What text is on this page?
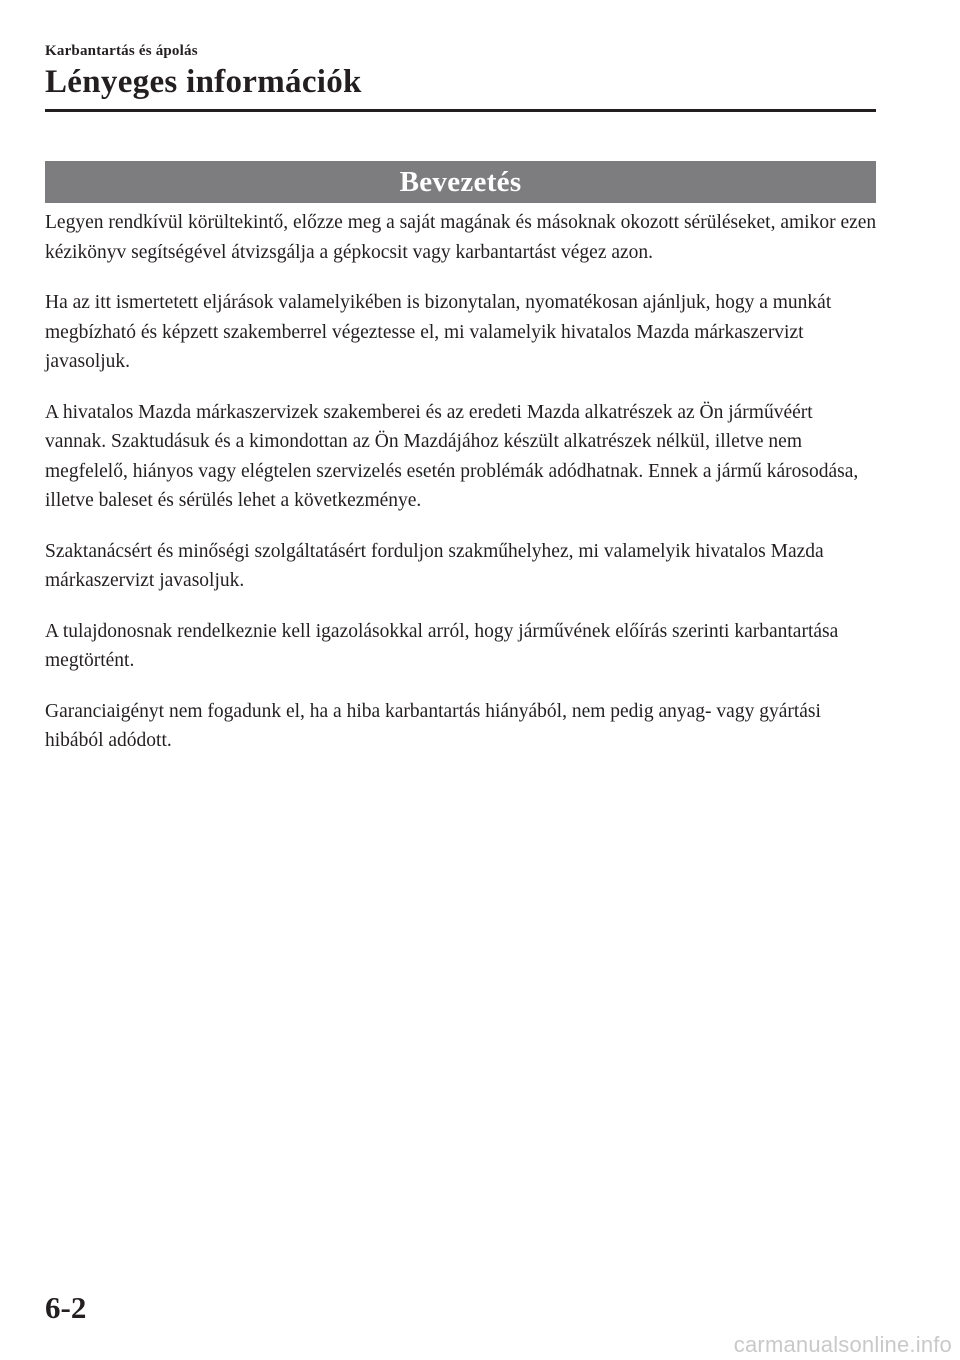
Karbantartás és ápolás
Lényeges információk
Bevezetés

Legyen rendkívül körültekintő, előzze meg a saját magának és másoknak okozott sérüléseket, amikor ezen kézikönyv segítségével átvizsgálja a gépkocsit vagy karbantartást végez azon.

Ha az itt ismertetett eljárások valamelyikében is bizonytalan, nyomatékosan ajánljuk, hogy a munkát megbízható és képzett szakemberrel végeztesse el, mi valamelyik hivatalos Mazda márkaszervizt javasoljuk.

A hivatalos Mazda márkaszervizek szakemberei és az eredeti Mazda alkatrészek az Ön járművéért vannak. Szaktudásuk és a kimondottan az Ön Mazdájához készült alkatrészek nélkül, illetve nem megfelelő, hiányos vagy elégtelen szervizelés esetén problémák adódhatnak. Ennek a jármű károsodása, illetve baleset és sérülés lehet a következménye.

Szaktanácsért és minőségi szolgáltatásért forduljon szakműhelyhez, mi valamelyik hivatalos Mazda márkaszervizt javasoljuk.

A tulajdonosnak rendelkeznie kell igazolásokkal arról, hogy járművének előírás szerinti karbantartása megtörtént.

Garanciaigényt nem fogadunk el, ha a hiba karbantartás hiányából, nem pedig anyag- vagy gyártási hibából adódott.

6-2
carmanualsonline.info
